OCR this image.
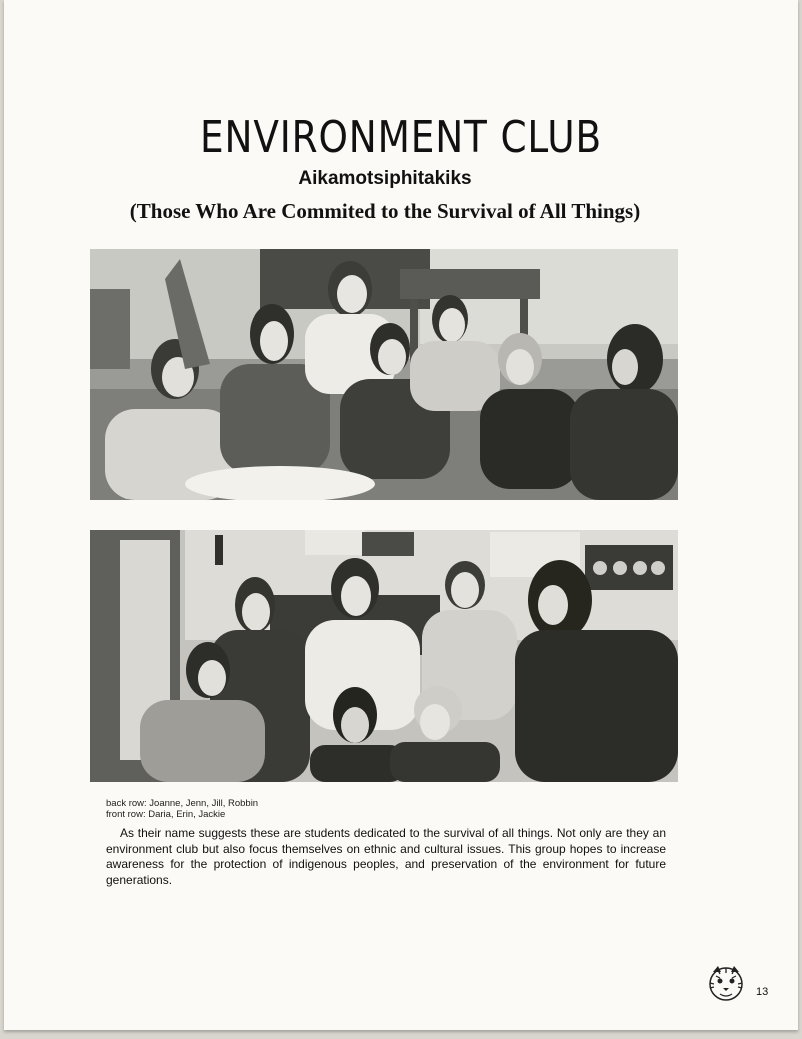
ENVIRONMENT CLUB
Aikamotsiphitakiks
(Those Who Are Commited to the Survival of All Things)
back row: Joanne, Jenn, Jill, Robbin
front row: Daria, Erin, Jackie
As their name suggests these are students dedicated to the survival of all things. Not only are they an environment club but also focus themselves on ethnic and cultural issues. This group hopes to increase awareness for the protection of indigenous peoples, and preservation of the environment for future generations.
13
